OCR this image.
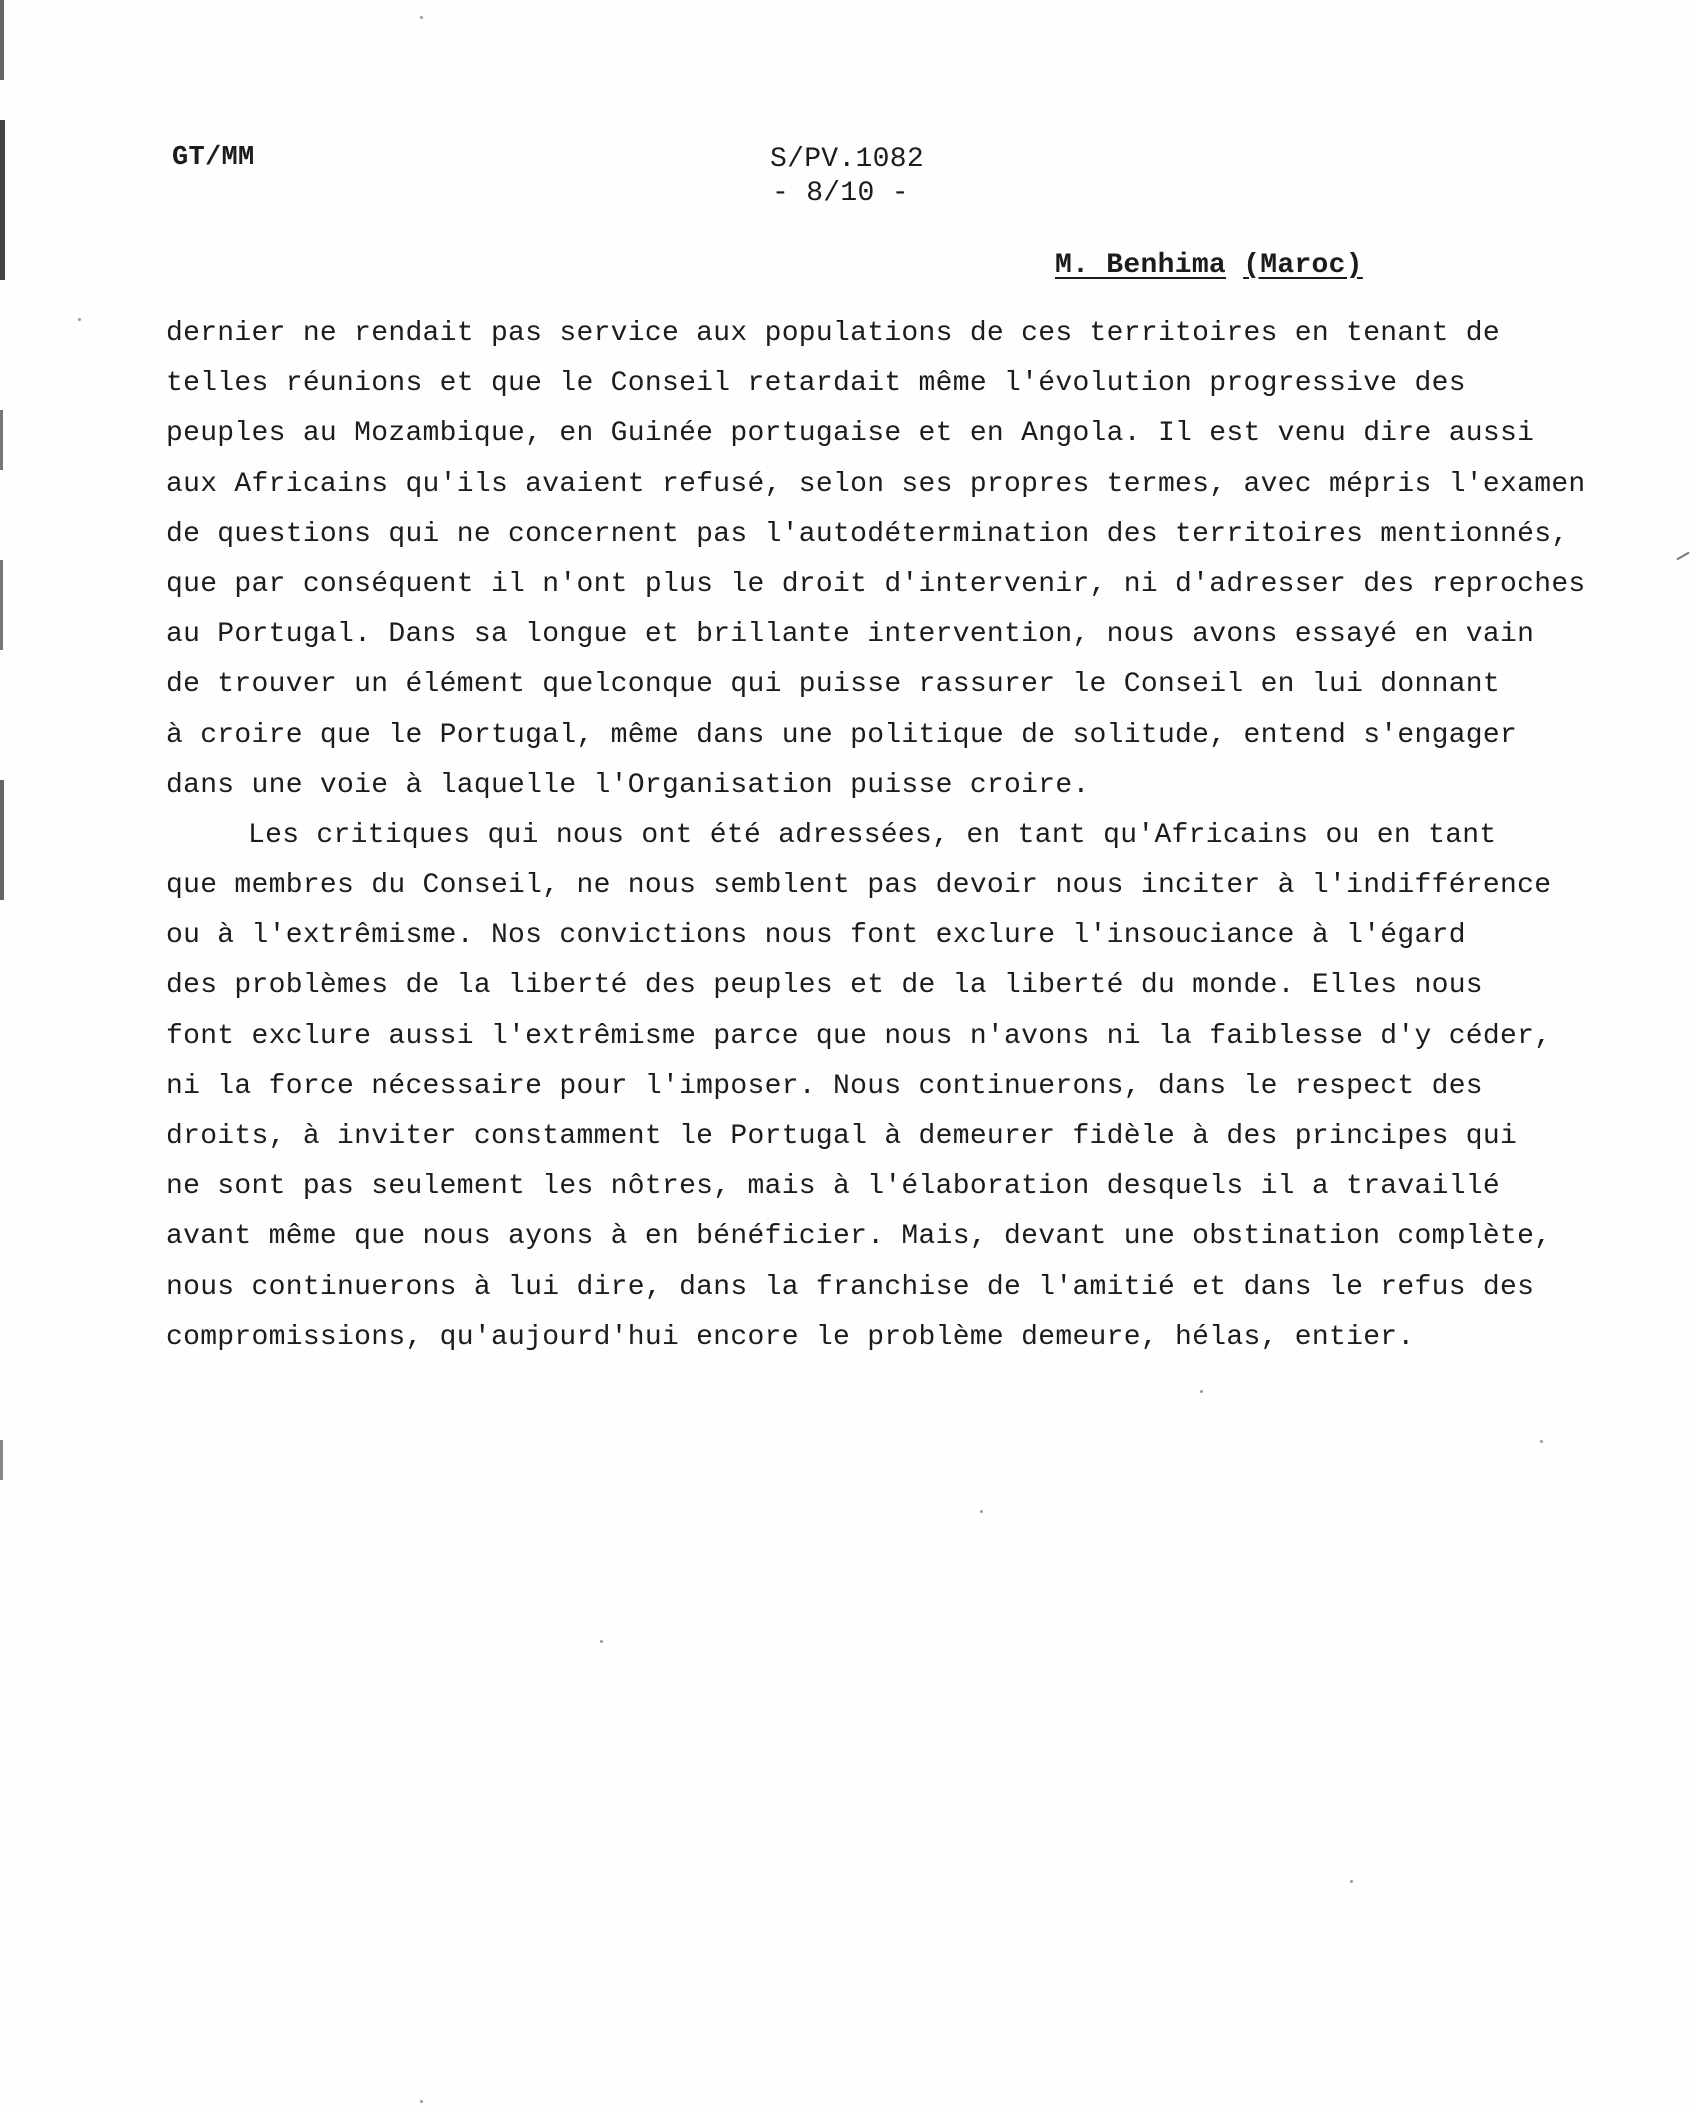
GT/MM	S/PV.1082
- 8/10 -
M. Benhima (Maroc)
dernier ne rendait pas service aux populations de ces territoires en tenant de
telles réunions et que le Conseil retardait même l'évolution progressive des
peuples au Mozambique, en Guinée portugaise et en Angola. Il est venu dire aussi
aux Africains qu'ils avaient refusé, selon ses propres termes, avec mépris l'examen
de questions qui ne concernent pas l'autodétermination des territoires mentionnés,
que par conséquent il n'ont plus le droit d'intervenir, ni d'adresser des reproches
au Portugal. Dans sa longue et brillante intervention, nous avons essayé en vain
de trouver un élément quelconque qui puisse rassurer le Conseil en lui donnant
à croire que le Portugal, même dans une politique de solitude, entend s'engager
dans une voie à laquelle l'Organisation puisse croire.
Les critiques qui nous ont été adressées, en tant qu'Africains ou en tant
que membres du Conseil, ne nous semblent pas devoir nous inciter à l'indifférence
ou à l'extrêmisme. Nos convictions nous font exclure l'insouciance à l'égard
des problèmes de la liberté des peuples et de la liberté du monde. Elles nous
font exclure aussi l'extrêmisme parce que nous n'avons ni la faiblesse d'y céder,
ni la force nécessaire pour l'imposer. Nous continuerons, dans le respect des
droits, à inviter constamment le Portugal à demeurer fidèle à des principes qui
ne sont pas seulement les nôtres, mais à l'élaboration desquels il a travaillé
avant même que nous ayons à en bénéficier. Mais, devant une obstination complète,
nous continuerons à lui dire, dans la franchise de l'amitié et dans le refus des
compromissions, qu'aujourd'hui encore le problème demeure, hélas, entier.
